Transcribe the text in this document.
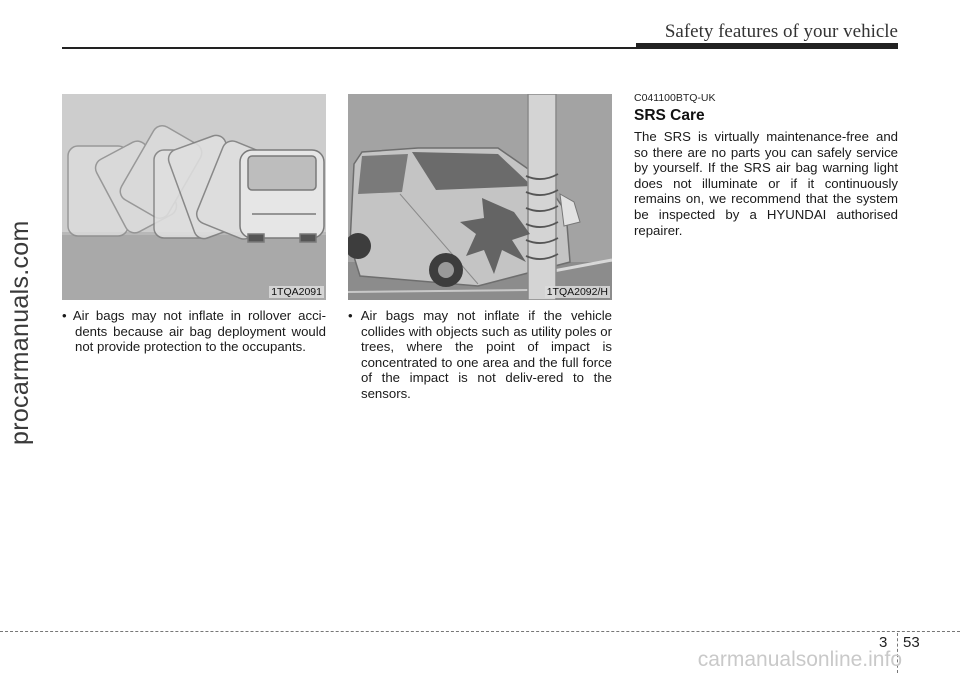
Safety features of your vehicle
procarmanuals.com	1TQA2091	1TQA2092/H
• Air bags may not inflate in rollover acci-dents because air bag deployment would not provide protection to the occupants.
• Air bags may not inflate if the vehicle collides with objects such as utility poles or trees, where the point of impact is concentrated to one area and the full force of the impact is not deliv-ered to the sensors.
C041100BTQ-UK
SRS Care
The SRS is virtually maintenance-free and so there are no parts you can safely service by yourself. If the SRS air bag warning light does not illuminate or if it continuously remains on, we recommend that the system be inspected by a HYUNDAI authorised repairer.
3 53
carmanualsonline.info
